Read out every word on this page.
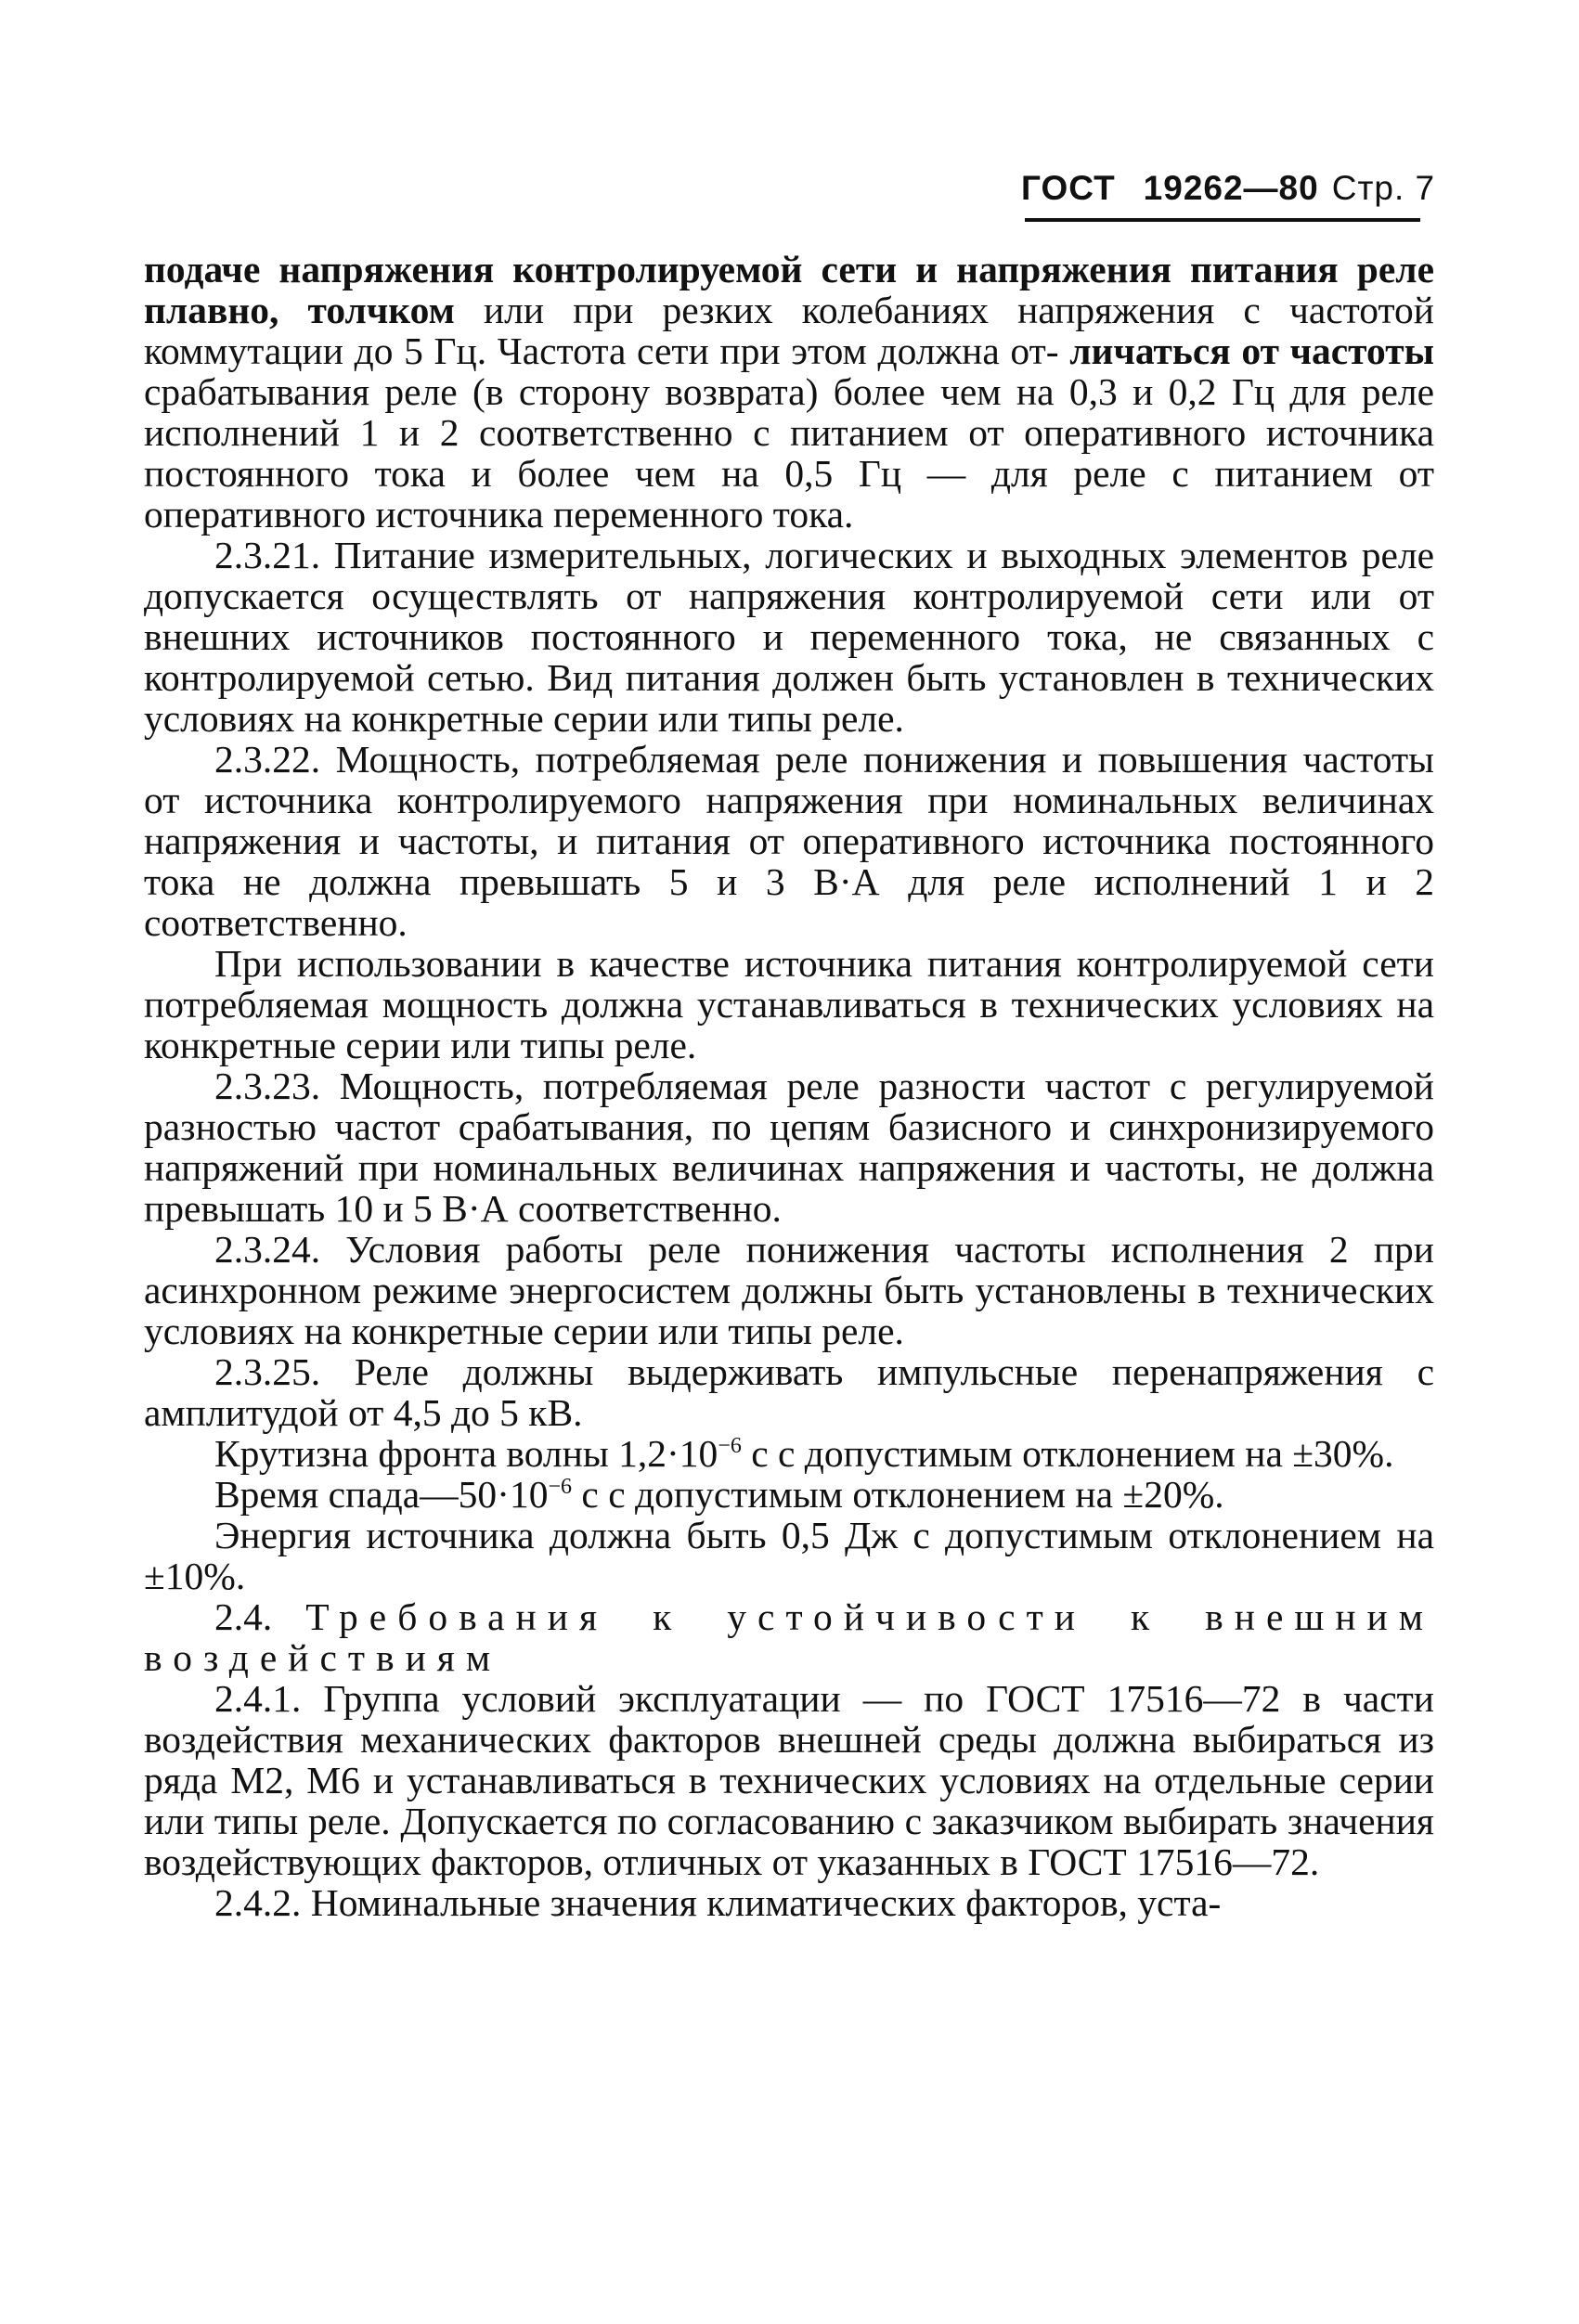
ГОСТ 19262—80 Стр. 7

подаче напряжения контролируемой сети и напряжения питания реле плавно, толчком или при резких колебаниях напряжения с частотой коммутации до 5 Гц. Частота сети при этом должна от- личаться от частоты срабатывания реле (в сторону возврата) более чем на 0,3 и 0,2 Гц для реле исполнений 1 и 2 соответственно с питанием от оперативного источника постоянного тока и более чем на 0,5 Гц — для реле с питанием от оперативного источника переменного тока.

2.3.21. Питание измерительных, логических и выходных элементов реле допускается осуществлять от напряжения контролируемой сети или от внешних источников постоянного и переменного тока, не связанных с контролируемой сетью. Вид питания должен быть установлен в технических условиях на конкретные серии или типы реле.

2.3.22. Мощность, потребляемая реле понижения и повышения частоты от источника контролируемого напряжения при номинальных величинах напряжения и частоты, и питания от оперативного источника постоянного тока не должна превышать 5 и 3 В·А для реле исполнений 1 и 2 соответственно.

При использовании в качестве источника питания контролируемой сети потребляемая мощность должна устанавливаться в технических условиях на конкретные серии или типы реле.

2.3.23. Мощность, потребляемая реле разности частот с регулируемой разностью частот срабатывания, по цепям базисного и синхронизируемого напряжений при номинальных величинах напряжения и частоты, не должна превышать 10 и 5 В·А соответственно.

2.3.24. Условия работы реле понижения частоты исполнения 2 при асинхронном режиме энергосистем должны быть установлены в технических условиях на конкретные серии или типы реле.

2.3.25. Реле должны выдерживать импульсные перенапряжения с амплитудой от 4,5 до 5 кВ.

Крутизна фронта волны $1,2\cdot 10^{-6}$ с с допустимым отклонением на ±30%.

Время $спада—50\cdot 10^{-6}$ с с допустимым отклонением на ±20%.

Энергия источника должна быть 0,5 Дж с допустимым отклонением на ±10%.

2.4. Требования к устойчивости к внешним воздействиям

2.4.1. Группа условий эксплуатации — по ГОСТ 17516—72 в части воздействия механических факторов внешней среды должна выбираться из ряда М2, М6 и устанавливаться в технических условиях на отдельные серии или типы реле. Допускается по согласованию с заказчиком выбирать значения воздействующих факторов, отличных от указанных в ГОСТ 17516—72.

2.4.2. Номинальные значения климатических факторов, уста-
